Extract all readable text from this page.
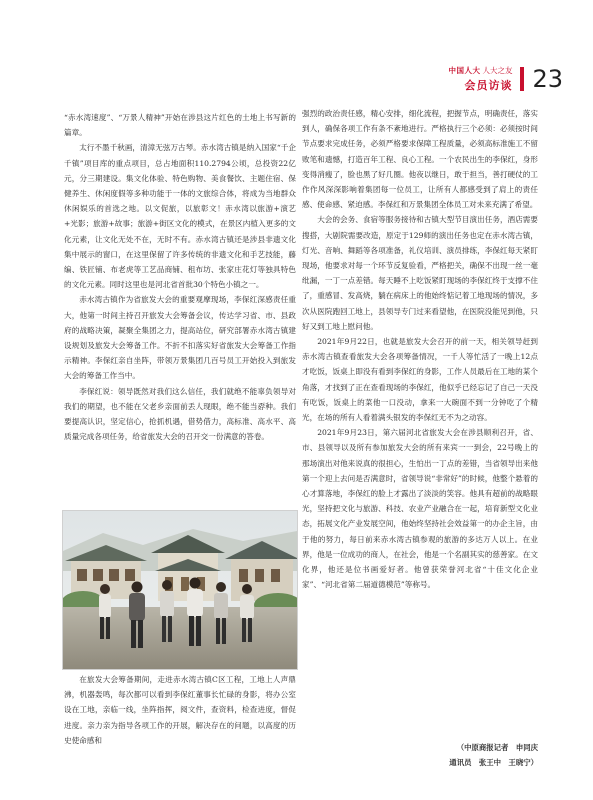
中国人大 人大之友
会员访谈 23

“赤水湾速度”、“万景人精神”开始在涉县这片红色的土地上书写新的篇章。

太行不墨千秋画，清漳无弦万古琴。赤水湾古镇是纳入国家“千企千镇”项目库的重点项目，总占地面积110.2794公顷，总投资22亿元，分三期建设。集文化体验、特色购物、美食餐饮、主题住宿、保健养生、休闲度假等多种功能于一体的文旅综合体，将成为当地群众休闲娱乐的首选之地。以文促旅，以旅彰文！赤水湾以旅游+演艺+光影；旅游+故事；旅游+街区文化的模式，在景区内植入更多的文化元素，让文化无处不在，无时不有。赤水湾古镇还是涉县非遗文化集中展示的窗口，在这里保留了许多传统的非遗文化和手艺技能，藤编、铁匠铺、布老虎等工艺品商铺、租布坊、张家庄花灯等独具特色的文化元素。同时这里也是河北省首批30个特色小镇之一。

赤水湾古镇作为省旅发大会的重要观摩现场，李保红深感责任重大，他第一时间主持召开旅发大会筹备会议，传达学习省、市、县政府的战略决策，凝聚全集团之力，提高站位，研究部署赤水湾古镇建设规划及旅发大会筹备工作。不折不扣落实好省旅发大会筹备工作指示精神。李保红亲自坐阵，带领万景集团几百号员工开始投入到旅发大会的筹备工作当中。

李保红说：领导既然对我们这么信任，我们就绝不能辜负领导对我们的期望，也不能在父老乡亲面前丢人现眼，绝不能当孬种。我们要提高认识，坚定信心，抢抓机遇，借势借力，高标准、高水平、高质量完成各项任务，给省旅发大会的召开交一份满意的答卷。

在旅发大会筹备期间，走进赤水湾古镇C区工程，工地上人声鼎沸，机器轰鸣，每次都可以看到李保红董事长忙碌的身影，将办公室设在工地，亲临一线，坐阵指挥，阅文件，查资料，检查进度，督促进度。亲力亲为指导各项工作的开展，解决存在的问题，以高度的历史使命感和

强烈的政治责任感，精心安排，细化流程，把握节点，明确责任，落实到人，确保各项工作有条不紊地进行。严格执行三个必须：必须按时间节点要求完成任务，必须严格要求保障工程质量，必须高标准施工不留败笔和遗憾，打造百年工程、良心工程。一个农民出生的李保红，身形变得消瘦了，脸也黑了好几圈。他夜以继日，敢于担当，善打硬仗的工作作风深深影响着集团每一位员工，让所有人都感受到了肩上的责任感、使命感、紧迫感。李保红和万景集团全体员工对未来充满了希望。

大会的会务、食宿等服务接待和古镇大型节目演出任务，酒店需要搜搭，大剧院需要改造，原定于129师的演出任务也定在赤水湾古镇，灯光、音响、舞蹈等各项准备，礼仪培训、演员排练，李保红每天紧盯现场，他要求对每一个环节反复验看，严格把关，确保不出现一丝一毫纰漏，一丁一点差错。每天睡不上吃饭紧盯现场的李保红终于支撑不住了，重感冒、发高烧，躺在病床上的他始终惦记着工地现场的情况，多次从医院跑回工地上，县领导专门过来看望他，在医院没能见到他，只好又到工地上慰问他。

2021年9月22日，也就是旅发大会召开的前一天，相关领导赶到赤水湾古镇查看旅发大会各项筹备情况，一千人等忙活了一晚上12点才吃饭，饭桌上即没有看到李保红的身影，工作人员最后在工地的某个角落，才找到了正在查看现场的李保红，他似乎已经忘记了自己一天没有吃饭，饭桌上的菜他一口没动，拿来一大碗面不到一分钟吃了个精光，在场的所有人看着满头银发的李保红无不为之动容。

2021年9月23日，第六届河北省旅发大会在涉县顺利召开，省、市、县领导以及所有参加旅发大会的所有来宾一一到会，22号晚上的那场演出对他来说真的很担心，生怕出一丁点的差错，当省领导出来他第一个迎上去问是否满意时，省领导说“非常好”的时候，他整个悬着的心才算落地，李保红的脸上才露出了淡淡的笑容。他具有超前的战略眼光，坚持把文化与旅游、科技、农业产业融合在一起，培育新型文化业态，拓展文化产业发展空间，他始终坚持社会效益第一的办企主旨，由于他的努力，每日前来赤水湾古镇参观的旅游的多达万人以上。在业界，他是一位成功的商人，在社会，他是一个名副其实的慈善家。在文化界，他还是位书画爱好者。他曾获荣誉河北省“十佳文化企业家”、“河北省第二届道德模范”等称号。

（中原商报记者　申同庆
通讯员　张王中　王晓宁）
